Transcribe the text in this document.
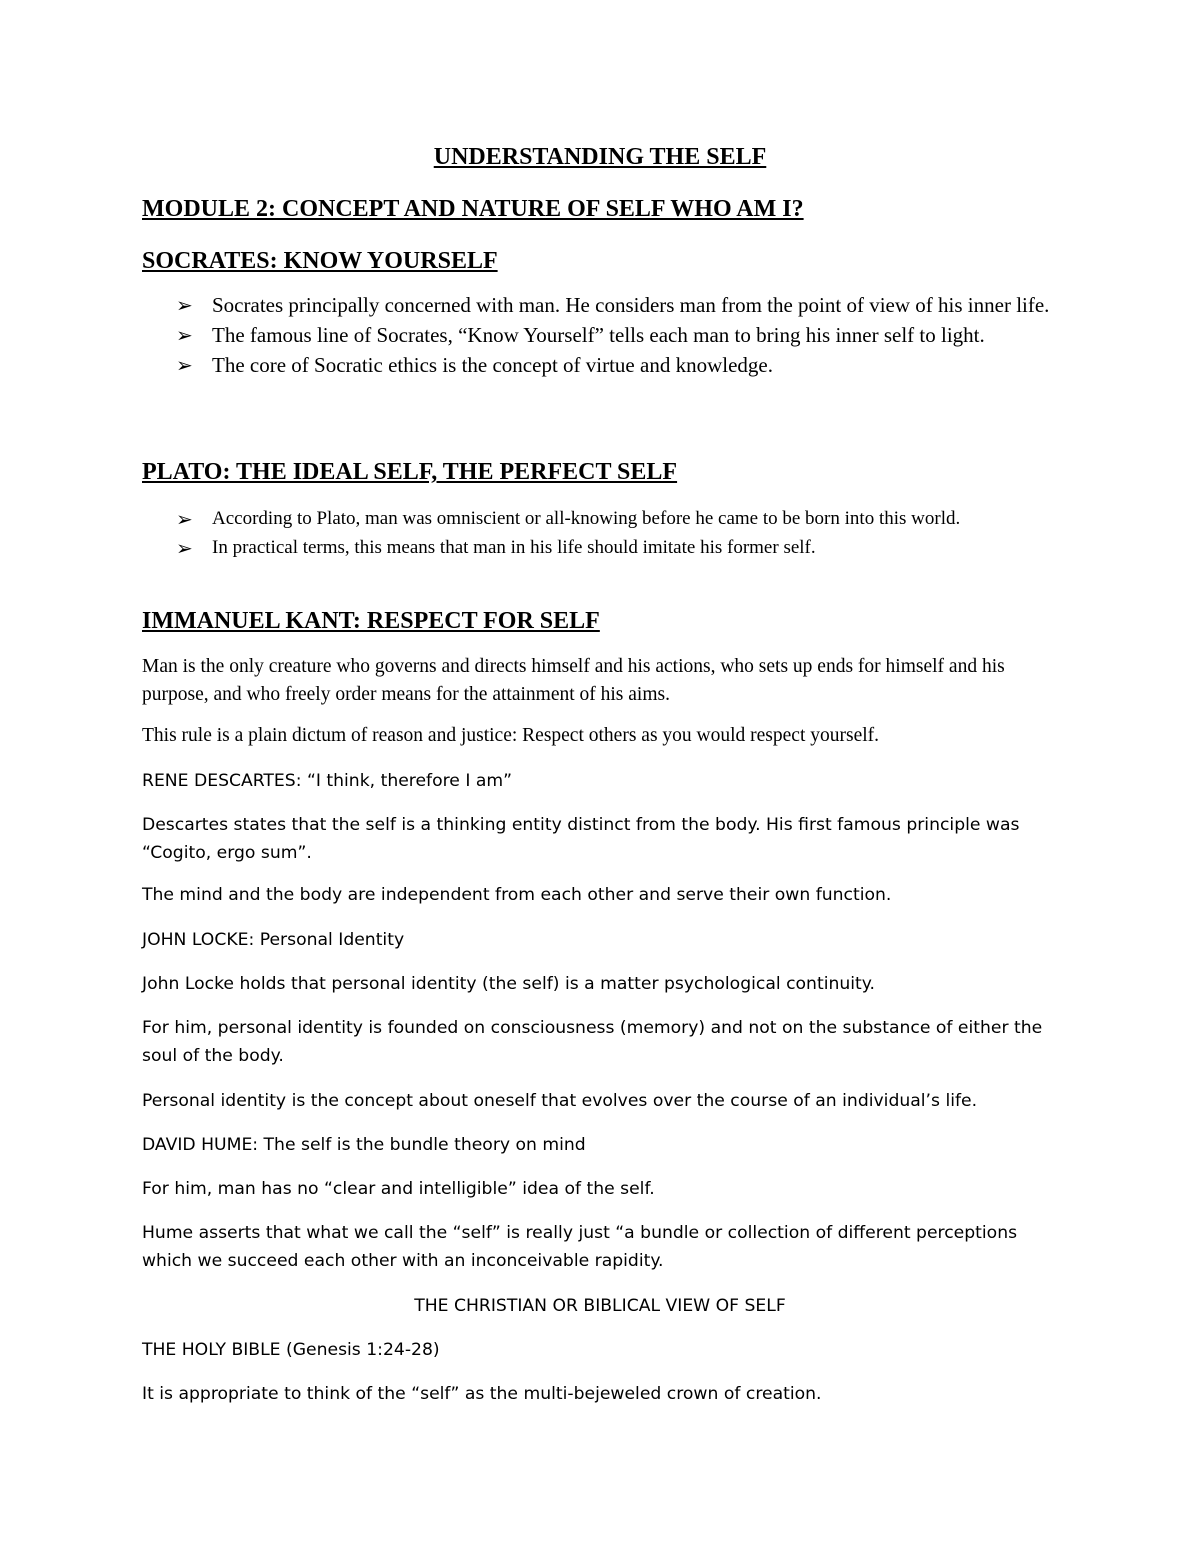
UNDERSTANDING THE SELF
MODULE 2: CONCEPT AND NATURE OF SELF WHO AM I?
SOCRATES: KNOW YOURSELF
➢ Socrates principally concerned with man. He considers man from the point of view of his inner life.
➢ The famous line of Socrates, “Know Yourself” tells each man to bring his inner self to light.
➢ The core of Socratic ethics is the concept of virtue and knowledge.
PLATO: THE IDEAL SELF, THE PERFECT SELF
➢ According to Plato, man was omniscient or all-knowing before he came to be born into this world.
➢ In practical terms, this means that man in his life should imitate his former self.
IMMANUEL KANT: RESPECT FOR SELF

Man is the only creature who governs and directs himself and his actions, who sets up ends for himself and his purpose, and who freely order means for the attainment of his aims.

This rule is a plain dictum of reason and justice: Respect others as you would respect yourself.

RENE DESCARTES: “I think, therefore I am”

Descartes states that the self is a thinking entity distinct from the body. His first famous principle was “Cogito, ergo sum”.

The mind and the body are independent from each other and serve their own function.

JOHN LOCKE: Personal Identity

John Locke holds that personal identity (the self) is a matter psychological continuity.

For him, personal identity is founded on consciousness (memory) and not on the substance of either the soul of the body.

Personal identity is the concept about oneself that evolves over the course of an individual’s life.

DAVID HUME: The self is the bundle theory on mind

For him, man has no “clear and intelligible” idea of the self.

Hume asserts that what we call the “self” is really just “a bundle or collection of different perceptions which we succeed each other with an inconceivable rapidity.

THE CHRISTIAN OR BIBLICAL VIEW OF SELF

THE HOLY BIBLE (Genesis 1:24-28)

It is appropriate to think of the “self” as the multi-bejeweled crown of creation.
